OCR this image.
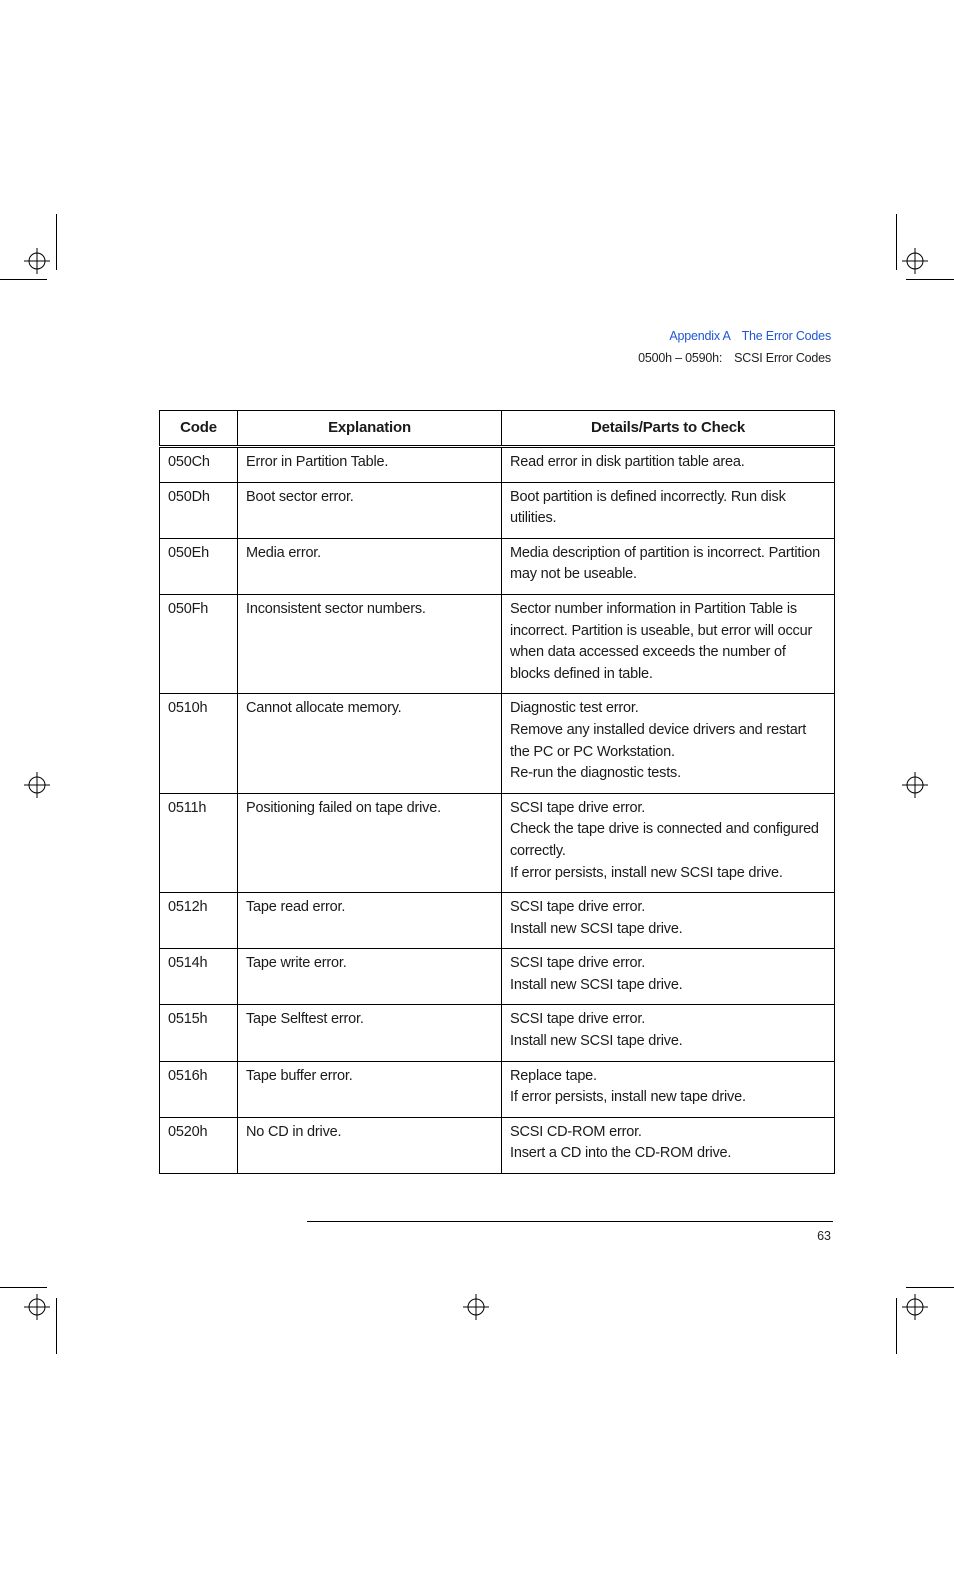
Appendix A The Error Codes
0500h – 0590h: SCSI Error Codes
Code	Explanation	Details/Parts to Check
050Ch	Error in Partition Table.	Read error in disk partition table area.

050Dh	Boot sector error.	Boot partition is defined incorrectly. Run disk utilities.

050Eh	Media error.	Media description of partition is incorrect. Partition may not be useable.

050Fh	Inconsistent sector numbers.	Sector number information in Partition Table is incorrect. Partition is useable, but error will occur when data accessed exceeds the number of blocks defined in table.

0510h	Cannot allocate memory.	Diagnostic test error.
Remove any installed device drivers and restart the PC or PC Workstation.
Re-run the diagnostic tests.

0511h	Positioning failed on tape drive.	SCSI tape drive error.
Check the tape drive is connected and configured correctly.
If error persists, install new SCSI tape drive.

0512h	Tape read error.	SCSI tape drive error.
Install new SCSI tape drive.

0514h	Tape write error.	SCSI tape drive error.
Install new SCSI tape drive.

0515h	Tape Selftest error.	SCSI tape drive error.
Install new SCSI tape drive.

0516h	Tape buffer error.	Replace tape.
If error persists, install new tape drive.

0520h	No CD in drive.	SCSI CD-ROM error.
Insert a CD into the CD-ROM drive.
63
